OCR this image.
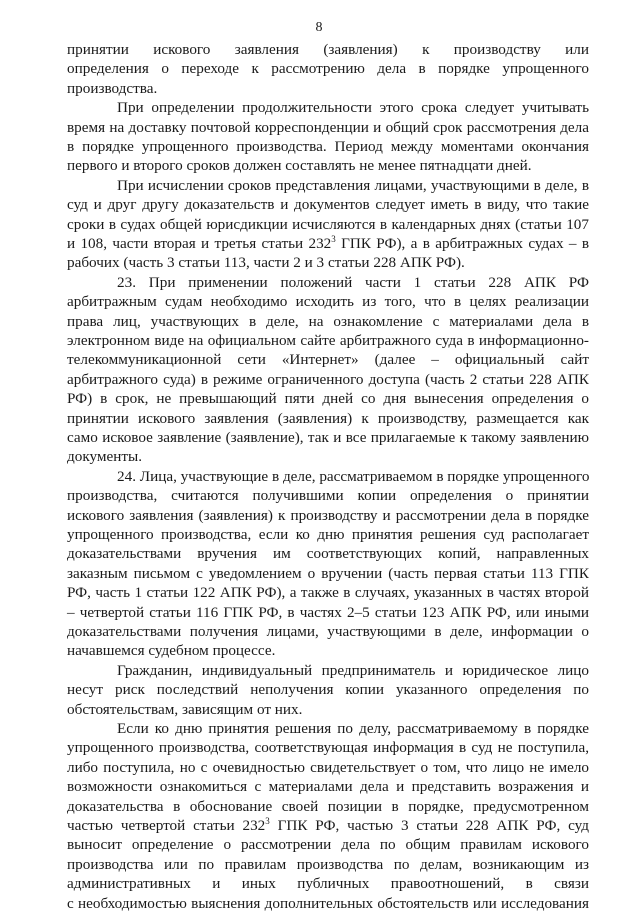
8
принятии искового заявления (заявления) к производству или
определения о переходе к рассмотрению дела в порядке упрощенного
производства.
При определении продолжительности этого срока следует учитывать
время на доставку почтовой корреспонденции и общий срок рассмотрения дела
в порядке упрощенного производства. Период между моментами окончания
первого и второго сроков должен составлять не менее пятнадцати дней.
При исчислении сроков представления лицами, участвующими в деле, в
суд и друг другу доказательств и документов следует иметь в виду, что такие
сроки в судах общей юрисдикции исчисляются в календарных днях (статьи 107
и 108, части вторая и третья статьи $232^3$ ГПК РФ), а в арбитражных судах – в
рабочих (часть 3 статьи 113, части 2 и 3 статьи 228 АПК РФ).
23. При применении положений части 1 статьи 228 АПК РФ
арбитражным судам необходимо исходить из того, что в целях реализации
права лиц, участвующих в деле, на ознакомление с материалами дела в
электронном виде на официальном сайте арбитражного суда в информационно-
телекоммуникационной сети «Интернет» (далее – официальный сайт
арбитражного суда) в режиме ограниченного доступа (часть 2 статьи 228 АПК
РФ) в срок, не превышающий пяти дней со дня вынесения определения о
принятии искового заявления (заявления) к производству, размещается как
само исковое заявление (заявление), так и все прилагаемые к такому заявлению
документы.
24. Лица, участвующие в деле, рассматриваемом в порядке упрощенного
производства, считаются получившими копии определения о принятии
искового заявления (заявления) к производству и рассмотрении дела в порядке
упрощенного производства, если ко дню принятия решения суд располагает
доказательствами вручения им соответствующих копий, направленных
заказным письмом с уведомлением о вручении (часть первая статьи 113 ГПК
РФ, часть 1 статьи 122 АПК РФ), а также в случаях, указанных в частях второй
– четвертой статьи 116 ГПК РФ, в частях 2–5 статьи 123 АПК РФ, или иными
доказательствами получения лицами, участвующими в деле, информации о
начавшемся судебном процессе.
Гражданин, индивидуальный предприниматель и юридическое лицо
несут риск последствий неполучения копии указанного определения по
обстоятельствам, зависящим от них.
Если ко дню принятия решения по делу, рассматриваемому в порядке
упрощенного производства, соответствующая информация в суд не поступила,
либо поступила, но с очевидностью свидетельствует о том, что лицо не имело
возможности ознакомиться с материалами дела и представить возражения и
доказательства в обоснование своей позиции в порядке, предусмотренном
частью четвертой статьи $232^3$ ГПК РФ, частью 3 статьи 228 АПК РФ, суд
выносит определение о рассмотрении дела по общим правилам искового
производства или по правилам производства по делам, возникающим из
административных и иных публичных правоотношений, в связи
с необходимостью выяснения дополнительных обстоятельств или исследования
